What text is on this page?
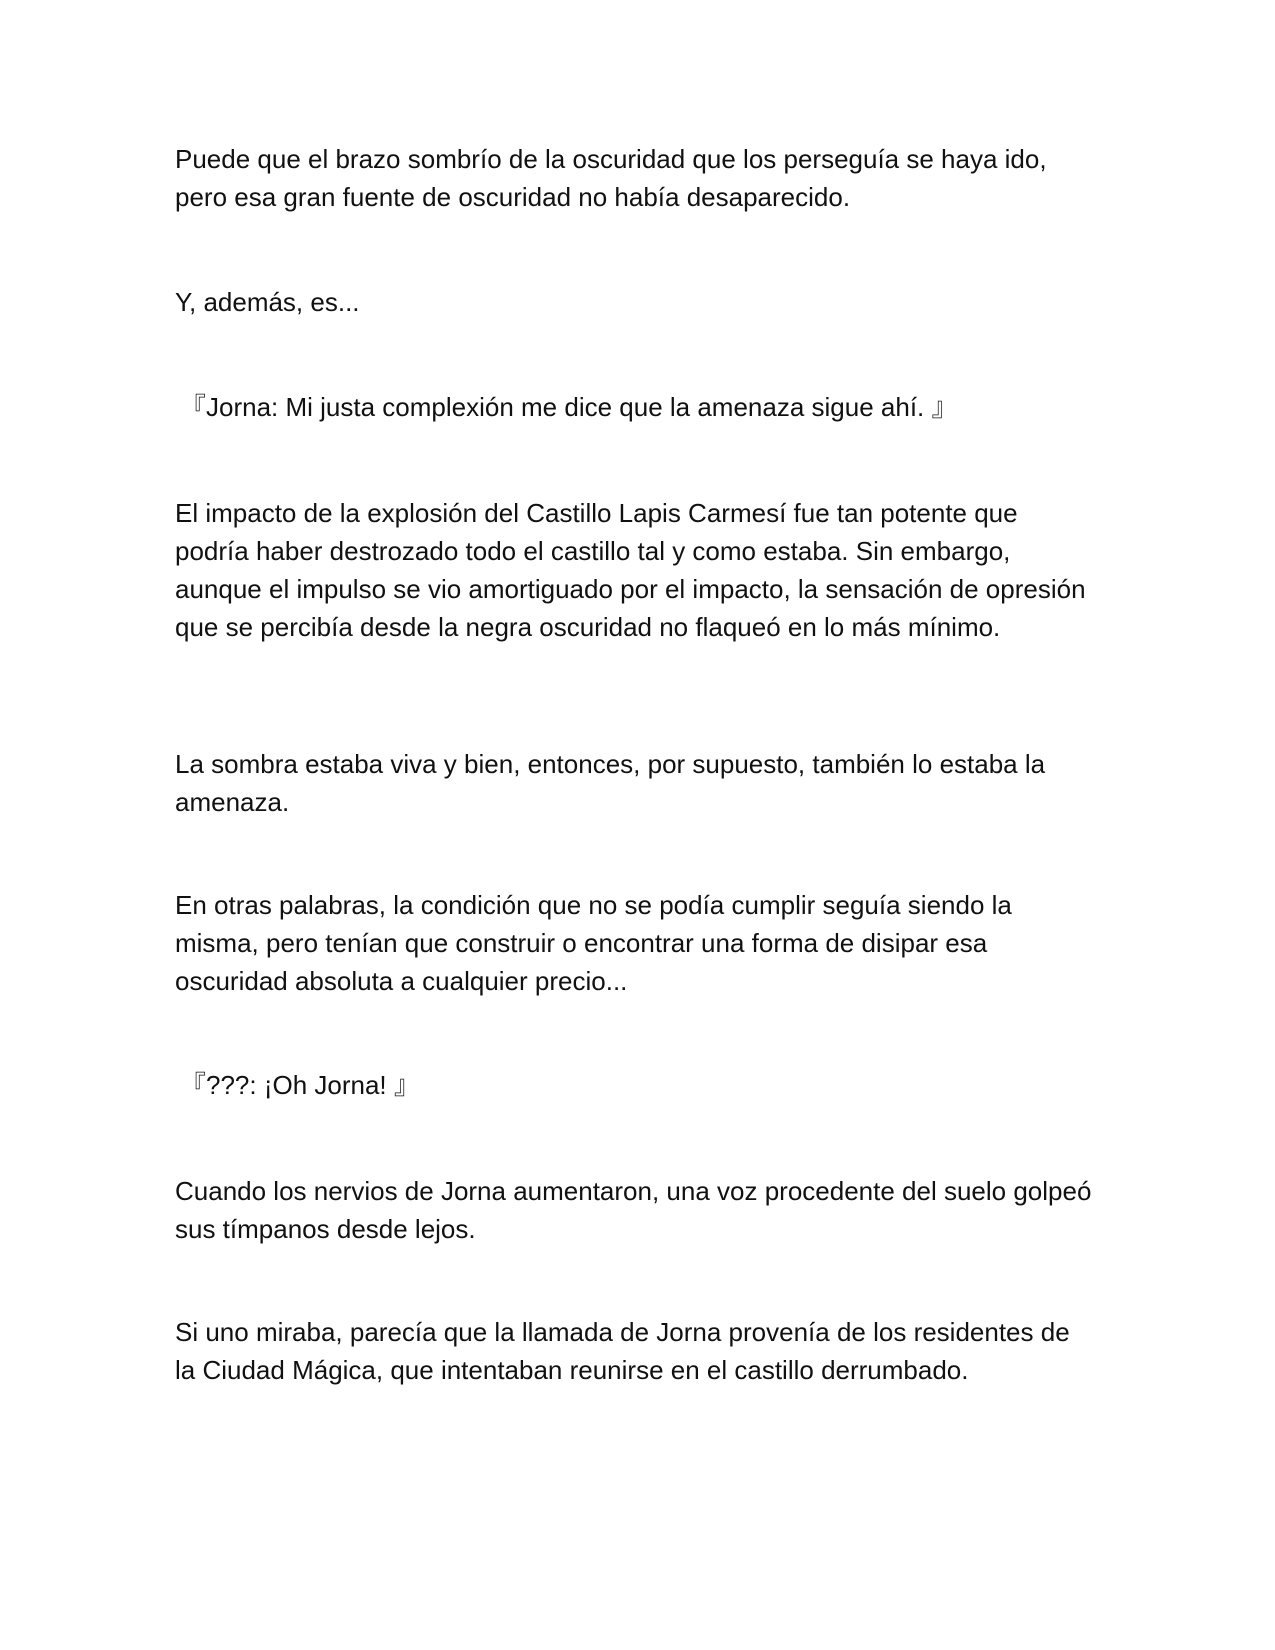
Puede que el brazo sombrío de la oscuridad que los perseguía se haya ido, pero esa gran fuente de oscuridad no había desaparecido.

Y, además, es...

『Jorna: Mi justa complexión me dice que la amenaza sigue ahí. 』

El impacto de la explosión del Castillo Lapis Carmesí fue tan potente que podría haber destrozado todo el castillo tal y como estaba. Sin embargo, aunque el impulso se vio amortiguado por el impacto, la sensación de opresión que se percibía desde la negra oscuridad no flaqueó en lo más mínimo.

La sombra estaba viva y bien, entonces, por supuesto, también lo estaba la amenaza.

En otras palabras, la condición que no se podía cumplir seguía siendo la misma, pero tenían que construir o encontrar una forma de disipar esa oscuridad absoluta a cualquier precio...

『???: ¡Oh Jorna! 』

Cuando los nervios de Jorna aumentaron, una voz procedente del suelo golpeó sus tímpanos desde lejos.

Si uno miraba, parecía que la llamada de Jorna provenía de los residentes de la Ciudad Mágica, que intentaban reunirse en el castillo derrumbado.
